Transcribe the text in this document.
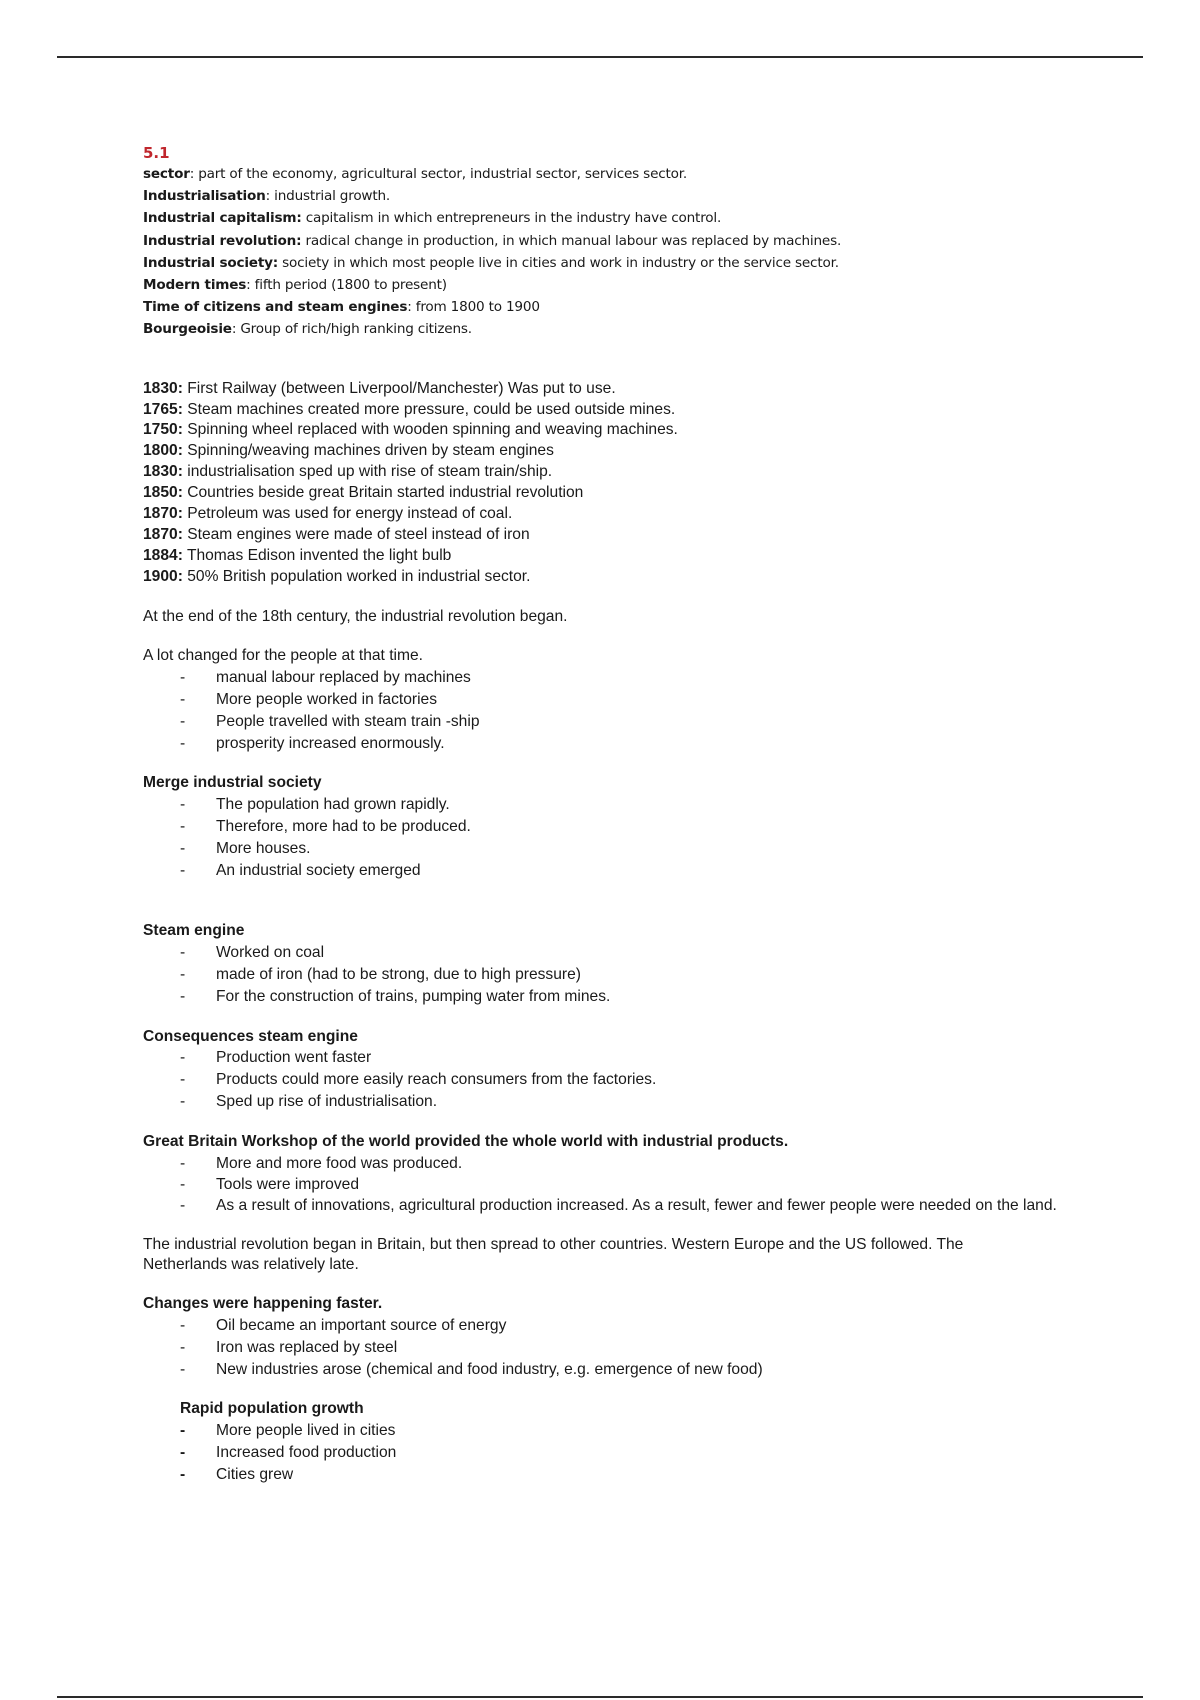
5.1
sector: part of the economy, agricultural sector, industrial sector, services sector.
Industrialisation: industrial growth.
Industrial capitalism: capitalism in which entrepreneurs in the industry have control.
Industrial revolution: radical change in production, in which manual labour was replaced by machines.
Industrial society: society in which most people live in cities and work in industry or the service sector.
Modern times: fifth period (1800 to present)
Time of citizens and steam engines: from 1800 to 1900
Bourgeoisie: Group of rich/high ranking citizens.
1830: First Railway (between Liverpool/Manchester) Was put to use.
1765: Steam machines created more pressure, could be used outside mines.
1750: Spinning wheel replaced with wooden spinning and weaving machines.
1800: Spinning/weaving machines driven by steam engines
1830: industrialisation sped up with rise of steam train/ship.
1850: Countries beside great Britain started industrial revolution
1870: Petroleum was used for energy instead of coal.
1870: Steam engines were made of steel instead of iron
1884: Thomas Edison invented the light bulb
1900: 50% British population worked in industrial sector.
At the end of the 18th century, the industrial revolution began.
A lot changed for the people at that time.
- manual labour replaced by machines
- More people worked in factories
- People travelled with steam train -ship
- prosperity increased enormously.
Merge industrial society
- The population had grown rapidly.
- Therefore, more had to be produced.
- More houses.
- An industrial society emerged
Steam engine
- Worked on coal
- made of iron (had to be strong, due to high pressure)
- For the construction of trains, pumping water from mines.
Consequences steam engine
- Production went faster
- Products could more easily reach consumers from the factories.
- Sped up rise of industrialisation.
Great Britain Workshop of the world provided the whole world with industrial products.
- More and more food was produced.
- Tools were improved
- As a result of innovations, agricultural production increased. As a result, fewer and fewer people were needed on the land.
The industrial revolution began in Britain, but then spread to other countries. Western Europe and the US followed. The Netherlands was relatively late.
Changes were happening faster.
- Oil became an important source of energy
- Iron was replaced by steel
- New industries arose (chemical and food industry, e.g. emergence of new food)
Rapid population growth
- More people lived in cities
- Increased food production
- Cities grew
